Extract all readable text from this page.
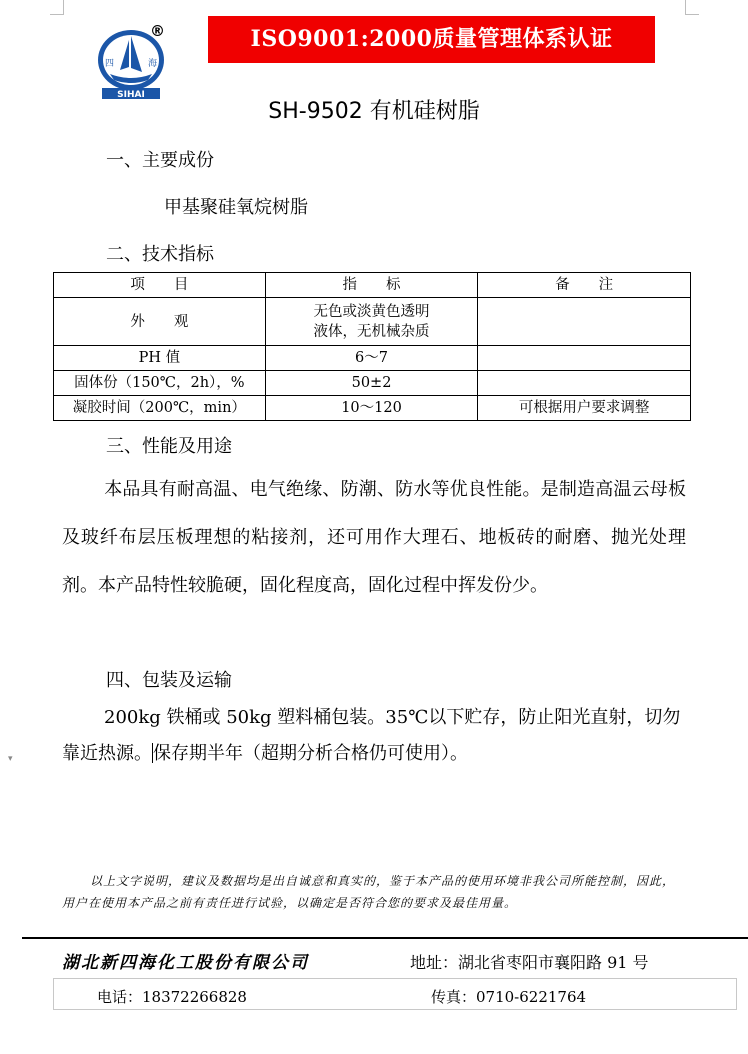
四	海
SIHAI
®	ISO9001:2000质量管理体系认证
SH-9502 有机硅树脂
一、主要成份
甲基聚硅氧烷树脂
二、技术指标
项　　目	指　　标	备　　注
外　　观	无色或淡黄色透明
液体，无机械杂质	

PH 值	6～7	
固体份（150℃，2h），%	50±2	
凝胶时间（200℃，min）	10～120	可根据用户要求调整
三、性能及用途
本品具有耐高温、电气绝缘、防潮、防水等优良性能。是制造高温云母板及玻纤布层压板理想的粘接剂，还可用作大理石、地板砖的耐磨、抛光处理剂。本产品特性较脆硬，固化程度高，固化过程中挥发份少。
四、包装及运输
200kg 铁桶或 50kg 塑料桶包装。35℃以下贮存，防止阳光直射，切勿靠近热源。保存期半年（超期分析合格仍可使用）。
▾
以上文字说明，建议及数据均是出自诚意和真实的，鉴于本产品的使用环境非我公司所能控制，因此，用户在使用本产品之前有责任进行试验，以确定是否符合您的要求及最佳用量。
湖北新四海化工股份有限公司	地址：湖北省枣阳市襄阳路 91 号
电话：18372266828	传真：0710-6221764
